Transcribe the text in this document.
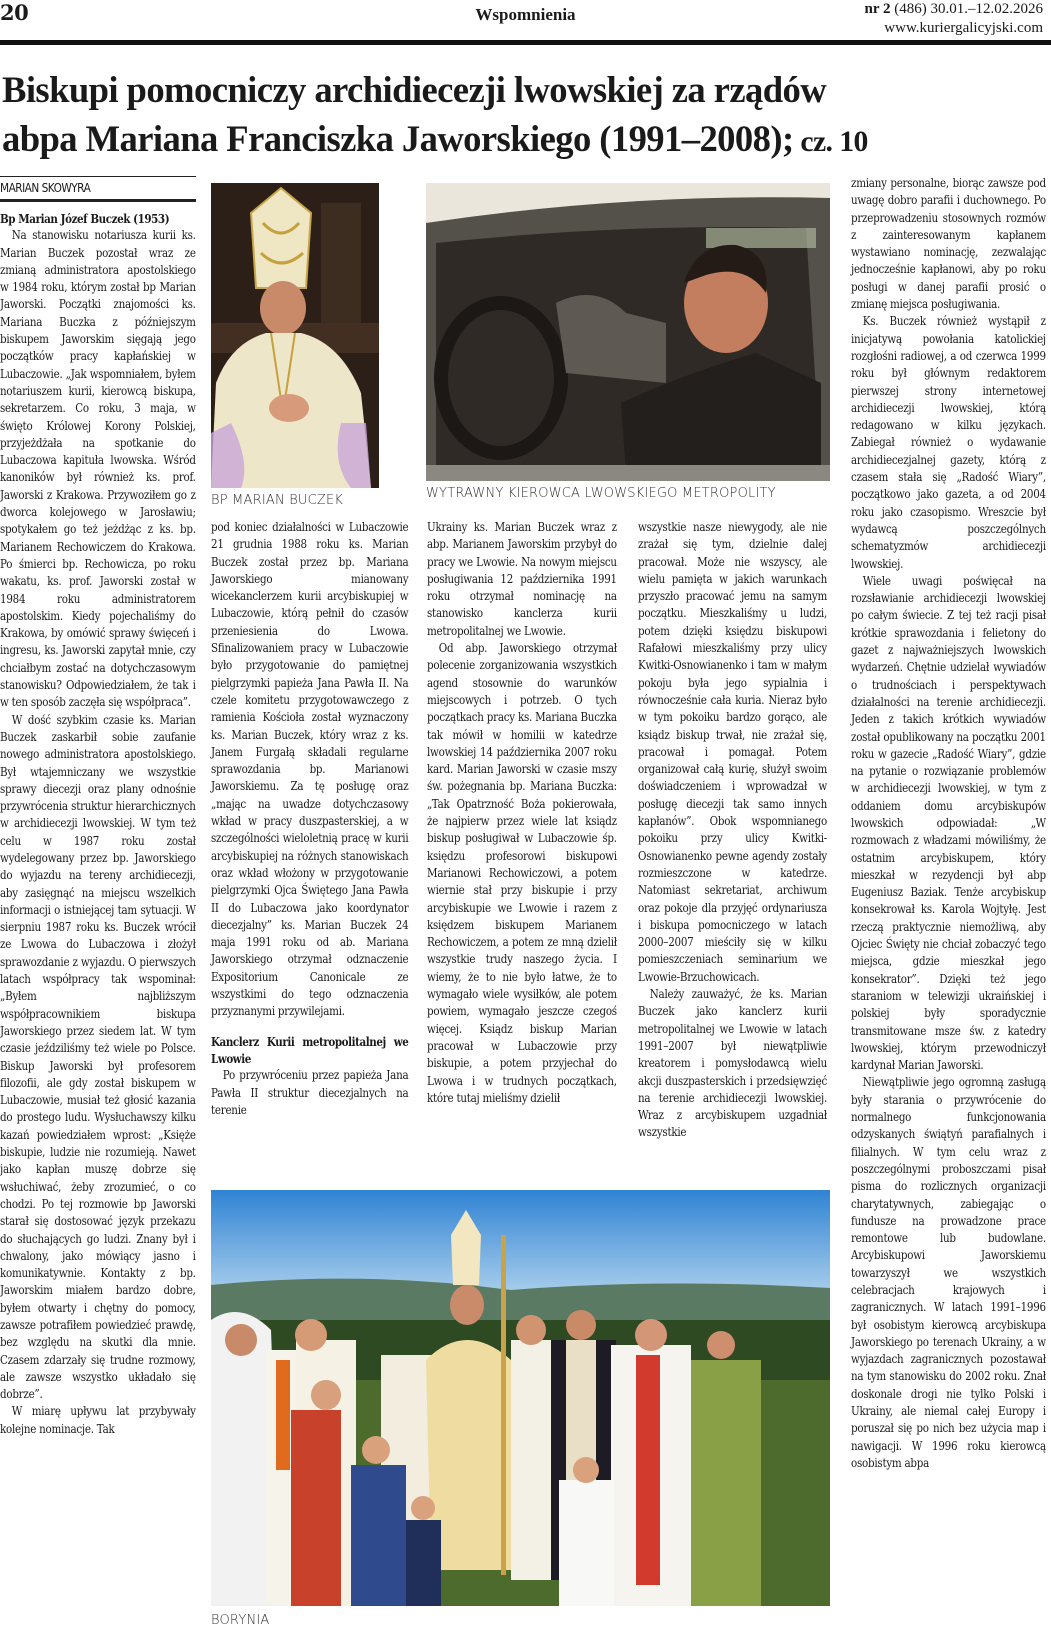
20	Wspomnienia	nr 2 (486) 30.01.–12.02.2026
www.kuriergalicyjski.com
Biskupi pomocniczy archidiecezji lwowskiej za rządów
abpa Mariana Franciszka Jaworskiego (1991–2008); cz. 10
MARIAN SKOWYRA
BP MARIAN BUCZEK	WYTRAWNY KIEROWCA LWOWSKIEGO METROPOLITY
Bp Marian Józef Buczek (1953)

Na stanowisku notariusza kurii ks. Marian Buczek pozostał wraz ze zmianą administratora apostolskiego w 1984 roku, którym został bp Marian Jaworski. Początki znajomości ks. Mariana Buczka z późniejszym biskupem Jaworskim sięgają jego początków pracy kapłańskiej w Lubaczowie. „Jak wspomniałem, byłem notariuszem kurii, kierowcą biskupa, sekretarzem. Co roku, 3 maja, w święto Królowej Korony Polskiej, przyjeżdżała na spotkanie do Lubaczowa kapituła lwowska. Wśród kanoników był również ks. prof. Jaworski z Krakowa. Przywoziłem go z dworca kolejowego w Jarosławiu; spotykałem go też jeżdżąc z ks. bp. Marianem Rechowiczem do Krakowa. Po śmierci bp. Rechowicza, po roku wakatu, ks. prof. Jaworski został w 1984 roku administratorem apostolskim. Kiedy pojechaliśmy do Krakowa, by omówić sprawy święceń i ingresu, ks. Jaworski zapytał mnie, czy chciałbym zostać na dotychczasowym stanowisku? Odpowiedziałem, że tak i w ten sposób zaczęła się współpraca”.

W dość szybkim czasie ks. Marian Buczek zaskarbił sobie zaufanie nowego administratora apostolskiego. Był wtajemniczany we wszystkie sprawy diecezji oraz plany odnośnie przywrócenia struktur hierarchicznych w archidiecezji lwowskiej. W tym też celu w 1987 roku został wydelegowany przez bp. Jaworskiego do wyjazdu na tereny archidiecezji, aby zasięgnąć na miejscu wszelkich informacji o istniejącej tam sytuacji. W sierpniu 1987 roku ks. Buczek wrócił ze Lwowa do Lubaczowa i złożył sprawozdanie z wyjazdu. O pierwszych latach współpracy tak wspominał: „Byłem najbliższym współpracownikiem biskupa Jaworskiego przez siedem lat. W tym czasie jeździliśmy też wiele po Polsce. Biskup Jaworski był profesorem filozofii, ale gdy został biskupem w Lubaczowie, musiał też głosić kazania do prostego ludu. Wysłuchawszy kilku kazań powiedziałem wprost: „Księże biskupie, ludzie nie rozumieją. Nawet jako kapłan muszę dobrze się wsłuchiwać, żeby zrozumieć, o co chodzi. Po tej rozmowie bp Jaworski starał się dostosować język przekazu do słuchających go ludzi. Znany był i chwalony, jako mówiący jasno i komunikatywnie. Kontakty z bp. Jaworskim miałem bardzo dobre, byłem otwarty i chętny do pomocy, zawsze potrafiłem powiedzieć prawdę, bez względu na skutki dla mnie. Czasem zdarzały się trudne rozmowy, ale zawsze wszystko układało się dobrze”.

W miarę upływu lat przybywały kolejne nominacje. Tak

pod koniec działalności w Lubaczowie 21 grudnia 1988 roku ks. Marian Buczek został przez bp. Mariana Jaworskiego mianowany wicekanclerzem kurii arcybiskupiej w Lubaczowie, którą pełnił do czasów przeniesienia do Lwowa. Sfinalizowaniem pracy w Lubaczowie było przygotowanie do pamiętnej pielgrzymki papieża Jana Pawła II. Na czele komitetu przygotowawczego z ramienia Kościoła został wyznaczony ks. Marian Buczek, który wraz z ks. Janem Furgałą składali regularne sprawozdania bp. Marianowi Jaworskiemu. Za tę posługę oraz „mając na uwadze dotychczasowy wkład w pracy duszpasterskiej, a w szczególności wieloletnią pracę w kurii arcybiskupiej na różnych stanowiskach oraz wkład włożony w przygotowanie pielgrzymki Ojca Świętego Jana Pawła II do Lubaczowa jako koordynator diecezjalny” ks. Marian Buczek 24 maja 1991 roku od ab. Mariana Jaworskiego otrzymał odznaczenie Expositorium Canonicale ze wszystkimi do tego odznaczenia przyznanymi przywilejami.

Kanclerz Kurii metropolitalnej we Lwowie

Po przywróceniu przez papieża Jana Pawła II struktur diecezjalnych na terenie

Ukrainy ks. Marian Buczek wraz z abp. Marianem Jaworskim przybył do pracy we Lwowie. Na nowym miejscu posługiwania 12 października 1991 roku otrzymał nominację na stanowisko kanclerza kurii metropolitalnej we Lwowie.

Od abp. Jaworskiego otrzymał polecenie zorganizowania wszystkich agend stosownie do warunków miejscowych i potrzeb. O tych początkach pracy ks. Mariana Buczka tak mówił w homilii w katedrze lwowskiej 14 października 2007 roku kard. Marian Jaworski w czasie mszy św. pożegnania bp. Mariana Buczka: „Tak Opatrzność Boża pokierowała, że najpierw przez wiele lat ksiądz biskup posługiwał w Lubaczowie śp. księdzu profesorowi biskupowi Marianowi Rechowiczowi, a potem wiernie stał przy biskupie i przy arcybiskupie we Lwowie i razem z księdzem biskupem Marianem Rechowiczem, a potem ze mną dzielił wszystkie trudy naszego życia. I wiemy, że to nie było łatwe, że to wymagało wiele wysiłków, ale potem powiem, wymagało jeszcze czegoś więcej. Ksiądz biskup Marian pracował w Lubaczowie przy biskupie, a potem przyjechał do Lwowa i w trudnych początkach, które tutaj mieliśmy dzielił

wszystkie nasze niewygody, ale nie zrażał się tym, dzielnie dalej pracował. Może nie wszyscy, ale wielu pamięta w jakich warunkach przyszło pracować jemu na samym początku. Mieszkaliśmy u ludzi, potem dzięki księdzu biskupowi Rafałowi mieszkaliśmy przy ulicy Kwitki-Osnowianenko i tam w małym pokoju była jego sypialnia i równocześnie cała kuria. Nieraz było w tym pokoiku bardzo gorąco, ale ksiądz biskup trwał, nie zrażał się, pracował i pomagał. Potem organizował całą kurię, służył swoim doświadczeniem i wprowadzał w posługę diecezji tak samo innych kapłanów”. Obok wspomnianego pokoiku przy ulicy Kwitki-Osnowianenko pewne agendy zostały rozmieszczone w katedrze. Natomiast sekretariat, archiwum oraz pokoje dla przyjęć ordynariusza i biskupa pomocniczego w latach 2000–2007 mieściły się w kilku pomieszczeniach seminarium we Lwowie-Brzuchowicach.

Należy zauważyć, że ks. Marian Buczek jako kanclerz kurii metropolitalnej we Lwowie w latach 1991–2007 był niewątpliwie kreatorem i pomysłodawcą wielu akcji duszpasterskich i przedsięwzięć na terenie archidiecezji lwowskiej. Wraz z arcybiskupem uzgadniał wszystkie

zmiany personalne, biorąc zawsze pod uwagę dobro parafii i duchownego. Po przeprowadzeniu stosownych rozmów z zainteresowanym kapłanem wystawiano nominację, zezwalając jednocześnie kapłanowi, aby po roku posługi w danej parafii prosić o zmianę miejsca posługiwania.

Ks. Buczek również wystąpił z inicjatywą powołania katolickiej rozgłośni radiowej, a od czerwca 1999 roku był głównym redaktorem pierwszej strony internetowej archidiecezji lwowskiej, którą redagowano w kilku językach. Zabiegał również o wydawanie archidiecezjalnej gazety, którą z czasem stała się „Radość Wiary”, początkowo jako gazeta, a od 2004 roku jako czasopismo. Wreszcie był wydawcą poszczególnych schematyzmów archidiecezji lwowskiej.

Wiele uwagi poświęcał na rozsławianie archidiecezji lwowskiej po całym świecie. Z tej też racji pisał krótkie sprawozdania i felietony do gazet z najważniejszych lwowskich wydarzeń. Chętnie udzielał wywiadów o trudnościach i perspektywach działalności na terenie archidiecezji. Jeden z takich krótkich wywiadów został opublikowany na początku 2001 roku w gazecie „Radość Wiary”, gdzie na pytanie o rozwiązanie problemów w archidiecezji lwowskiej, w tym z oddaniem domu arcybiskupów lwowskich odpowiadał: „W rozmowach z władzami mówiliśmy, że ostatnim arcybiskupem, który mieszkał w rezydencji był abp Eugeniusz Baziak. Tenże arcybiskup konsekrował ks. Karola Wojtyłę. Jest rzeczą praktycznie niemożliwą, aby Ojciec Święty nie chciał zobaczyć tego miejsca, gdzie mieszkał jego konsekrator”. Dzięki też jego staraniom w telewizji ukraińskiej i polskiej były sporadycznie transmitowane msze św. z katedry lwowskiej, którym przewodniczył kardynał Marian Jaworski.

Niewątpliwie jego ogromną zasługą były starania o przywrócenie do normalnego funkcjonowania odzyskanych świątyń parafialnych i filialnych. W tym celu wraz z poszczególnymi proboszczami pisał pisma do rozlicznych organizacji charytatywnych, zabiegając o fundusze na prowadzone prace remontowe lub budowlane. Arcybiskupowi Jaworskiemu towarzyszył we wszystkich celebracjach krajowych i zagranicznych. W latach 1991–1996 był osobistym kierowcą arcybiskupa Jaworskiego po terenach Ukrainy, a w wyjazdach zagranicznych pozostawał na tym stanowisku do 2002 roku. Znał doskonale drogi nie tylko Polski i Ukrainy, ale niemal całej Europy i poruszał się po nich bez użycia map i nawigacji. W 1996 roku kierowcą osobistym abpa

BORYNIA
